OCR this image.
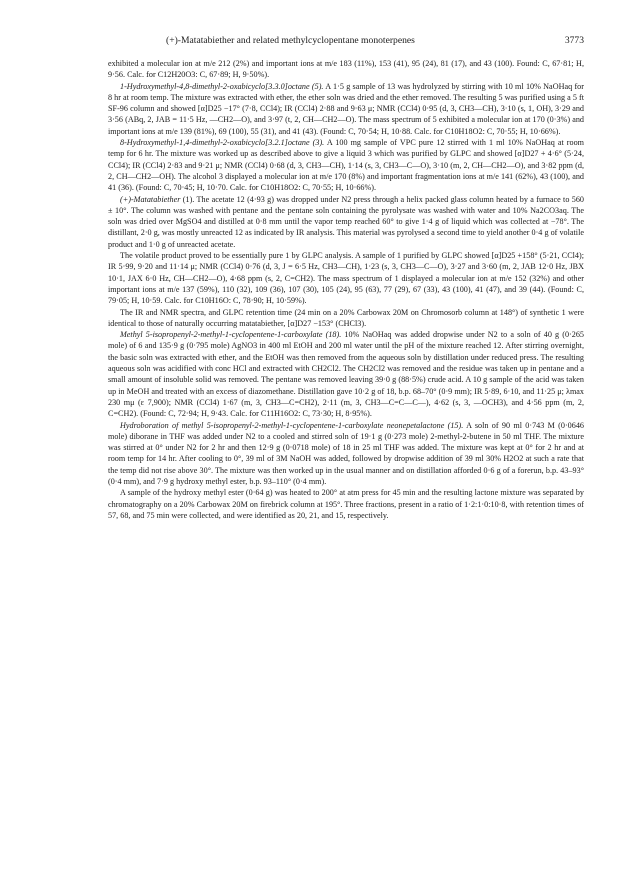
(+)-Matatabiether and related methylcyclopentane monoterpenes	3773

exhibited a molecular ion at m/e 212 (2%) and important ions at m/e 183 (11%), 153 (41), 95 (24), 81 (17), and 43 (100). Found: C, 67·81; H, 9·56. Calc. for C12H20O3: C, 67·89; H, 9·50%).

1-Hydroxymethyl-4,8-dimethyl-2-oxabicyclo[3.3.0]octane (5). A 1·5 g sample of 13 was hydrolyzed by stirring with 10 ml 10% NaOHaq for 8 hr at room temp. The mixture was extracted with ether, the ether soln was dried and the ether removed. The resulting 5 was purified using a 5 ft SF-96 column and showed [α]D25 −17° (7·8, CCl4); IR (CCl4) 2·88 and 9·63 μ; NMR (CCl4) 0·95 (d, 3, CH3—CH), 3·10 (s, 1, OH), 3·29 and 3·56 (ABq, 2, JAB = 11·5 Hz, —CH2—O), and 3·97 (t, 2, CH—CH2—O). The mass spectrum of 5 exhibited a molecular ion at 170 (0·3%) and important ions at m/e 139 (81%), 69 (100), 55 (31), and 41 (43). (Found: C, 70·54; H, 10·88. Calc. for C10H18O2: C, 70·55; H, 10·66%).

8-Hydroxymethyl-1,4-dimethyl-2-oxabicyclo[3.2.1]octane (3). A 100 mg sample of VPC pure 12 stirred with 1 ml 10% NaOHaq at room temp for 6 hr. The mixture was worked up as described above to give a liquid 3 which was purified by GLPC and showed [α]D27 + 4·6° (5·24, CCl4); IR (CCl4) 2·83 and 9·21 μ; NMR (CCl4) 0·68 (d, 3, CH3—CH), 1·14 (s, 3, CH3—C—O), 3·10 (m, 2, CH—CH2—O), and 3·82 ppm (d, 2, CH—CH2—OH). The alcohol 3 displayed a molecular ion at m/e 170 (8%) and important fragmentation ions at m/e 141 (62%), 43 (100), and 41 (36). (Found: C, 70·45; H, 10·70. Calc. for C10H18O2: C, 70·55; H, 10·66%).

(+)-Matatabiether (1). The acetate 12 (4·93 g) was dropped under N2 press through a helix packed glass column heated by a furnace to 560 ± 10°. The column was washed with pentane and the pentane soln containing the pyrolysate was washed with water and 10% Na2CO3aq. The soln was dried over MgSO4 and distilled at 0·8 mm until the vapor temp reached 60° to give 1·4 g of liquid which was collected at −78°. The distillant, 2·0 g, was mostly unreacted 12 as indicated by IR analysis. This material was pyrolysed a second time to yield another 0·4 g of volatile product and 1·0 g of unreacted acetate.

The volatile product proved to be essentially pure 1 by GLPC analysis. A sample of 1 purified by GLPC showed [α]D25 +158° (5·21, CCl4); IR 5·99, 9·20 and 11·14 μ; NMR (CCl4) 0·76 (d, 3, J = 6·5 Hz, CH3—CH), 1·23 (s, 3, CH3—C—O), 3·27 and 3·60 (m, 2, JAB 12·0 Hz, JBX 10·1, JAX 6·0 Hz, CH—CH2—O), 4·68 ppm (s, 2, C=CH2). The mass spectrum of 1 displayed a molecular ion at m/e 152 (32%) and other important ions at m/e 137 (59%), 110 (32), 109 (36), 107 (30), 105 (24), 95 (63), 77 (29), 67 (33), 43 (100), 41 (47), and 39 (44). (Found: C, 79·05; H, 10·59. Calc. for C10H16O: C, 78·90; H, 10·59%).

The IR and NMR spectra, and GLPC retention time (24 min on a 20% Carbowax 20M on Chromosorb column at 148°) of synthetic 1 were identical to those of naturally occurring matatabiether, [α]D27 −153° (CHCl3).

Methyl 5-isopropenyl-2-methyl-1-cyclopentene-1-carboxylate (18). 10% NaOHaq was added dropwise under N2 to a soln of 40 g (0·265 mole) of 6 and 135·9 g (0·795 mole) AgNO3 in 400 ml EtOH and 200 ml water until the pH of the mixture reached 12. After stirring overnight, the basic soln was extracted with ether, and the EtOH was then removed from the aqueous soln by distillation under reduced press. The resulting aqueous soln was acidified with conc HCl and extracted with CH2Cl2. The CH2Cl2 was removed and the residue was taken up in pentane and a small amount of insoluble solid was removed. The pentane was removed leaving 39·0 g (88·5%) crude acid. A 10 g sample of the acid was taken up in MeOH and treated with an excess of diazomethane. Distillation gave 10·2 g of 18, b.p. 68–70° (0·9 mm); IR 5·89, 6·10, and 11·25 μ; λmax 230 mμ (ε 7,900); NMR (CCl4) 1·67 (m, 3, CH3—C=CH2), 2·11 (m, 3, CH3—C=C—C—), 4·62 (s, 3, —OCH3), and 4·56 ppm (m, 2, C=CH2). (Found: C, 72·94; H, 9·43. Calc. for C11H16O2: C, 73·30; H, 8·95%).

Hydroboration of methyl 5-isopropenyl-2-methyl-1-cyclopentene-1-carboxylate neonepetalactone (15). A soln of 90 ml 0·743 M (0·0646 mole) diborane in THF was added under N2 to a cooled and stirred soln of 19·1 g (0·273 mole) 2-methyl-2-butene in 50 ml THF. The mixture was stirred at 0° under N2 for 2 hr and then 12·9 g (0·0718 mole) of 18 in 25 ml THF was added. The mixture was kept at 0° for 2 hr and at room temp for 14 hr. After cooling to 0°, 39 ml of 3M NaOH was added, followed by dropwise addition of 39 ml 30% H2O2 at such a rate that the temp did not rise above 30°. The mixture was then worked up in the usual manner and on distillation afforded 0·6 g of a forerun, b.p. 43–93° (0·4 mm), and 7·9 g hydroxy methyl ester, b.p. 93–110° (0·4 mm).

A sample of the hydroxy methyl ester (0·64 g) was heated to 200° at atm press for 45 min and the resulting lactone mixture was separated by chromatography on a 20% Carbowax 20M on firebrick column at 195°. Three fractions, present in a ratio of 1·2:1·0:10·8, with retention times of 57, 68, and 75 min were collected, and were identified as 20, 21, and 15, respectively.
